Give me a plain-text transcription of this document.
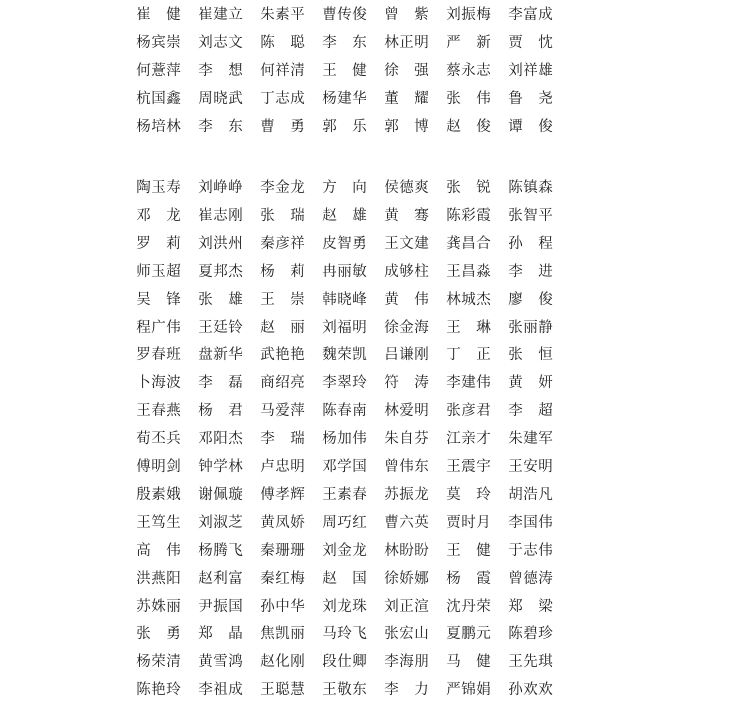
崔 健 崔 建 立 朱 素 平 曹 传 俊 曾 紫 刘 振 梅 李 富 成
杨 宾 崇 刘 志 文 陈 聪 李 东 林 正 明 严 新 贾 忱
何 薏 萍 李 想 何 祥 清 王 健 徐 强 蔡 永 志 刘 祥 雄
杭 国 鑫 周 晓 武 丁 志 成 杨 建 华 董 耀 张 伟 鲁 尧
杨 培 林 李 东 曹 勇 郭 乐 郭 博 赵 俊 谭 俊
陶 玉 寿 刘 峥 峥 李 金 龙 方 向 侯 德 爽 张 锐 陈 镇 森
邓 龙 崔 志 刚 张 瑞 赵 雄 黄 骞 陈 彩 霞 张 智 平
罗 莉 刘 洪 州 秦 彦 祥 皮 智 勇 王 文 建 龚 昌 合 孙 程
师 玉 超 夏 邦 杰 杨 莉 冉 丽 敏 成 够 柱 王 昌 淼 李 进
吴 锋 张 雄 王 崇 韩 晓 峰 黄 伟 林 城 杰 廖 俊
程 广 伟 王 廷 铃 赵 丽 刘 福 明 徐 金 海 王 琳 张 丽 静
罗 春 班 盘 新 华 武 艳 艳 魏 荣 凯 吕 谦 刚 丁 正 张 恒
卜 海 波 李 磊 商 绍 亮 李 翠 玲 符 涛 李 建 伟 黄 妍
王 春 燕 杨 君 马 爱 萍 陈 春 南 林 爱 明 张 彦 君 李 超
荀 丕 兵 邓 阳 杰 李 瑞 杨 加 伟 朱 自 芬 江 亲 才 朱 建 军
傅 明 剑 钟 学 林 卢 忠 明 邓 学 国 曾 伟 东 王 震 宇 王 安 明
殷 素 娥 谢 佩 璇 傅 孝 辉 王 素 春 苏 振 龙 莫 玲 胡 浩 凡
王 笃 生 刘 淑 芝 黄 凤 娇 周 巧 红 曹 六 英 贾 时 月 李 国 伟
高 伟 杨 腾 飞 秦 珊 珊 刘 金 龙 林 盼 盼 王 健 于 志 伟
洪 燕 阳 赵 利 富 秦 红 梅 赵 国 徐 娇 娜 杨 霞 曾 德 涛
苏 姝 丽 尹 振 国 孙 中 华 刘 龙 珠 刘 正 渲 沈 丹 荣 郑 梁
张 勇 郑 晶 焦 凯 丽 马 玲 飞 张 宏 山 夏 鹏 元 陈 碧 珍
杨 荣 清 黄 雪 鸿 赵 化 刚 段 仕 卿 李 海 朋 马 健 王 先 琪
陈 艳 玲 李 祖 成 王 聪 慧 王 敬 东 李 力 严 锦 娟 孙 欢 欢
